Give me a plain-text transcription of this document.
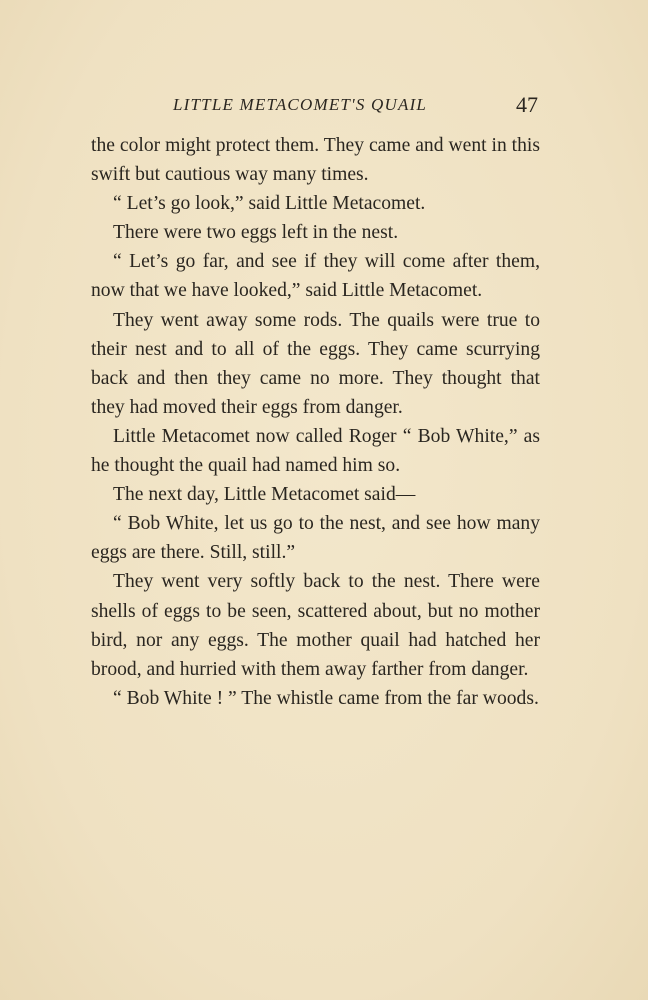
LITTLE METACOMET'S QUAIL	47

the color might protect them. They came and went in this swift but cautious way many times.

“ Let’s go look,” said Little Metacomet.

There were two eggs left in the nest.

“ Let’s go far, and see if they will come after them, now that we have looked,” said Little Metacomet.

They went away some rods. The quails were true to their nest and to all of the eggs. They came scurrying back and then they came no more. They thought that they had moved their eggs from danger.

Little Metacomet now called Roger “ Bob White,” as he thought the quail had named him so.

The next day, Little Metacomet said—

“ Bob White, let us go to the nest, and see how many eggs are there. Still, still.”

They went very softly back to the nest. There were shells of eggs to be seen, scattered about, but no mother bird, nor any eggs. The mother quail had hatched her brood, and hurried with them away farther from danger.

“ Bob White ! ” The whistle came from the far woods.
